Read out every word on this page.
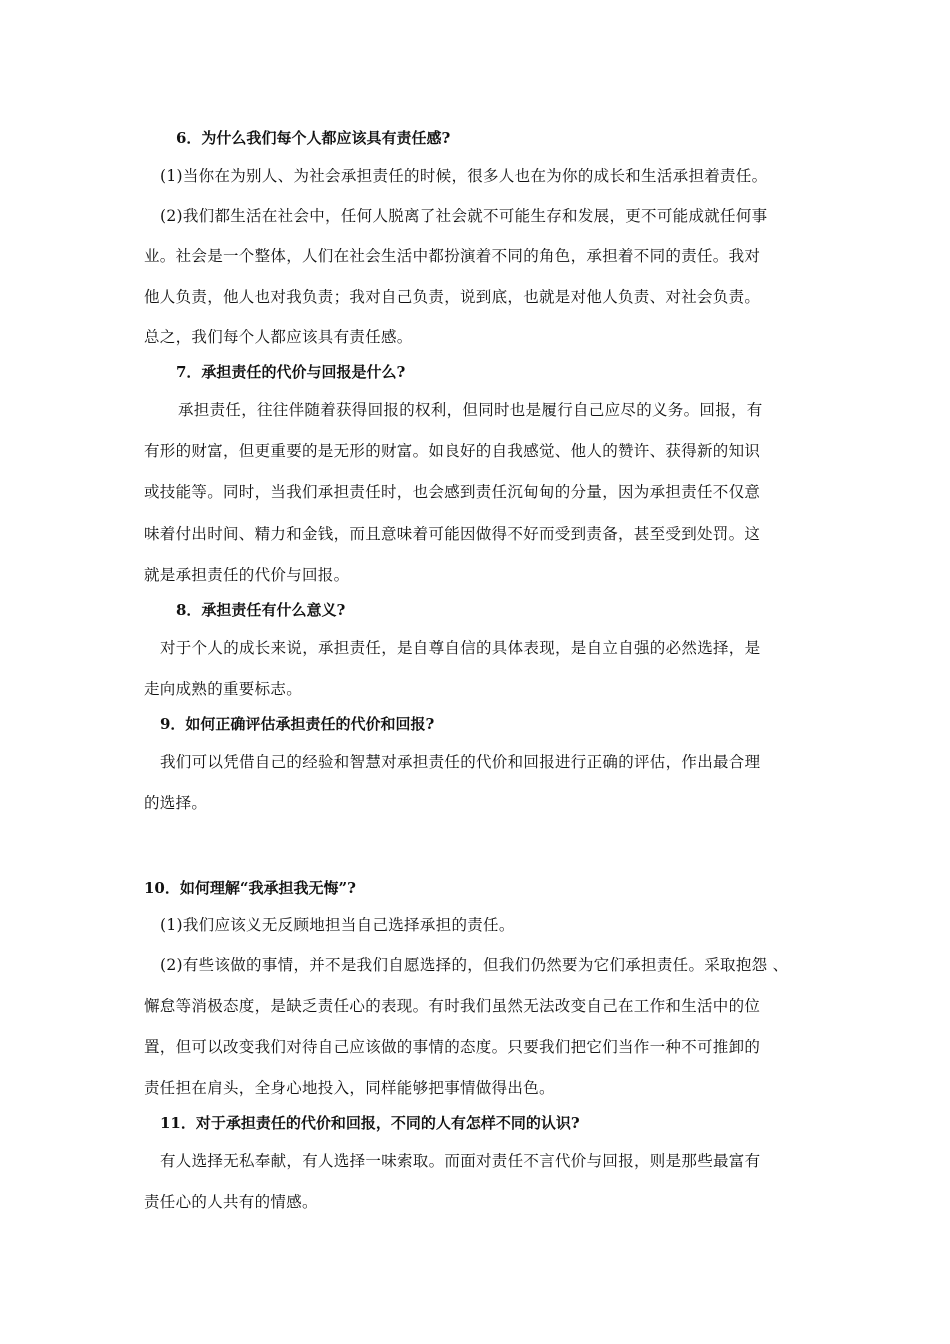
6．为什么我们每个人都应该具有责任感?
(1)当你在为别人、为社会承担责任的时候，很多人也在为你的成长和生活承担着责任。
(2)我们都生活在社会中，任何人脱离了社会就不可能生存和发展，更不可能成就任何事
业。社会是一个整体，人们在社会生活中都扮演着不同的角色，承担着不同的责任。我对
他人负责，他人也对我负责；我对自己负责，说到底，也就是对他人负责、对社会负责。
总之，我们每个人都应该具有责任感。
7．承担责任的代价与回报是什么?
承担责任，往往伴随着获得回报的权利，但同时也是履行自己应尽的义务。回报，有
有形的财富，但更重要的是无形的财富。如良好的自我感觉、他人的赞许、获得新的知识
或技能等。同时，当我们承担责任时，也会感到责任沉甸甸的分量，因为承担责任不仅意
味着付出时间、精力和金钱，而且意味着可能因做得不好而受到责备，甚至受到处罚。这
就是承担责任的代价与回报。
8．承担责任有什么意义?
对于个人的成长来说，承担责任，是自尊自信的具体表现，是自立自强的必然选择，是
走向成熟的重要标志。
9．如何正确评估承担责任的代价和回报?
我们可以凭借自己的经验和智慧对承担责任的代价和回报进行正确的评估，作出最合理
的选择。
10．如何理解“我承担我无悔”?
(1)我们应该义无反顾地担当自己选择承担的责任。
(2)有些该做的事情，并不是我们自愿选择的，但我们仍然要为它们承担责任。采取抱怨 、
懈怠等消极态度，是缺乏责任心的表现。有时我们虽然无法改变自己在工作和生活中的位
置，但可以改变我们对待自己应该做的事情的态度。只要我们把它们当作一种不可推卸的
责任担在肩头，全身心地投入，同样能够把事情做得出色。
11．对于承担责任的代价和回报，不同的人有怎样不同的认识?
有人选择无私奉献，有人选择一味索取。而面对责任不言代价与回报，则是那些最富有
责任心的人共有的情感。
